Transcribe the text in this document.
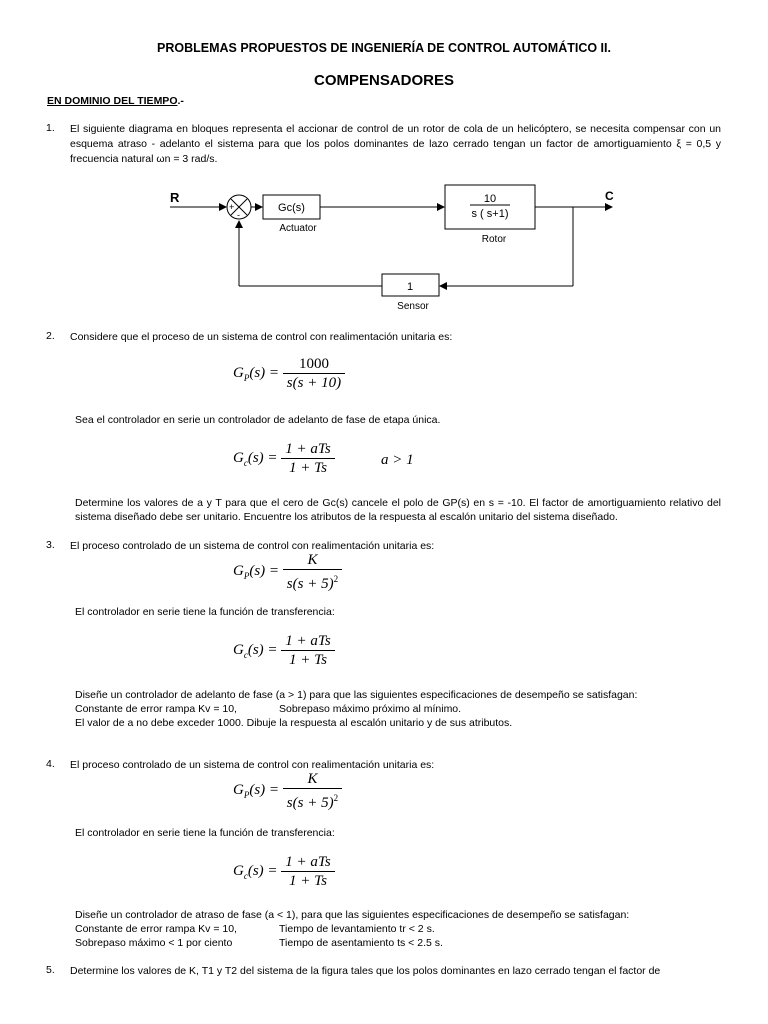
PROBLEMAS PROPUESTOS DE INGENIERÍA DE CONTROL AUTOMÁTICO II.
COMPENSADORES
EN DOMINIO DEL TIEMPO.-
1. El siguiente diagrama en bloques representa el accionar de control de un rotor de cola de un helicóptero, se necesita compensar con un esquema atraso - adelanto el sistema para que los polos dominantes de lazo cerrado tengan un factor de amortiguamiento ξ = 0,5 y frecuencia natural ωn = 3 rad/s.
R
+
-
Gc(s)
Actuator
10
s ( s+1)
Rotor
C
1
Sensor
2. Considere que el proceso de un sistema de control con realimentación unitaria es:
$G_P(s) = \frac{1000}{s(s + 10)}$
Sea el controlador en serie un controlador de adelanto de fase de etapa única.
$G_c(s) = \frac{\text{1 + aTs}}{1 + Ts}$	a > 1
Determine los valores de a y T para que el cero de Gc(s) cancele el polo de GP(s) en s = -10. El factor de amortiguamiento relativo del sistema diseñado debe ser unitario. Encuentre los atributos de la respuesta al escalón unitario del sistema diseñado.
3. El proceso controlado de un sistema de control con realimentación unitaria es:
$G_P(s) = \frac{K}{s(s + 5)^2}$
El controlador en serie tiene la función de transferencia:
$G_c(s) = \frac{\text{1 + aTs}}{1 + Ts}$
Diseñe un controlador de adelanto de fase (a > 1) para que las siguientes especificaciones de desempeño se satisfagan:
Constante de error rampa Kv = 10,	Sobrepaso máximo próximo al mínimo.
El valor de a no debe exceder 1000. Dibuje la respuesta al escalón unitario y de sus atributos.
4. El proceso controlado de un sistema de control con realimentación unitaria es:
$G_P(s) = \frac{K}{s(s + 5)^2}$
El controlador en serie tiene la función de transferencia:
$G_c(s) = \frac{\text{1 + aTs}}{1 + Ts}$
Diseñe un controlador de atraso de fase (a < 1), para que las siguientes especificaciones de desempeño se satisfagan:
Constante de error rampa Kv = 10,	Tiempo de levantamiento tr < 2 s.
Sobrepaso máximo < 1 por ciento	Tiempo de asentamiento ts < 2.5 s.
5. Determine los valores de K, T1 y T2 del sistema de la figura tales que los polos dominantes en lazo cerrado tengan el factor de
